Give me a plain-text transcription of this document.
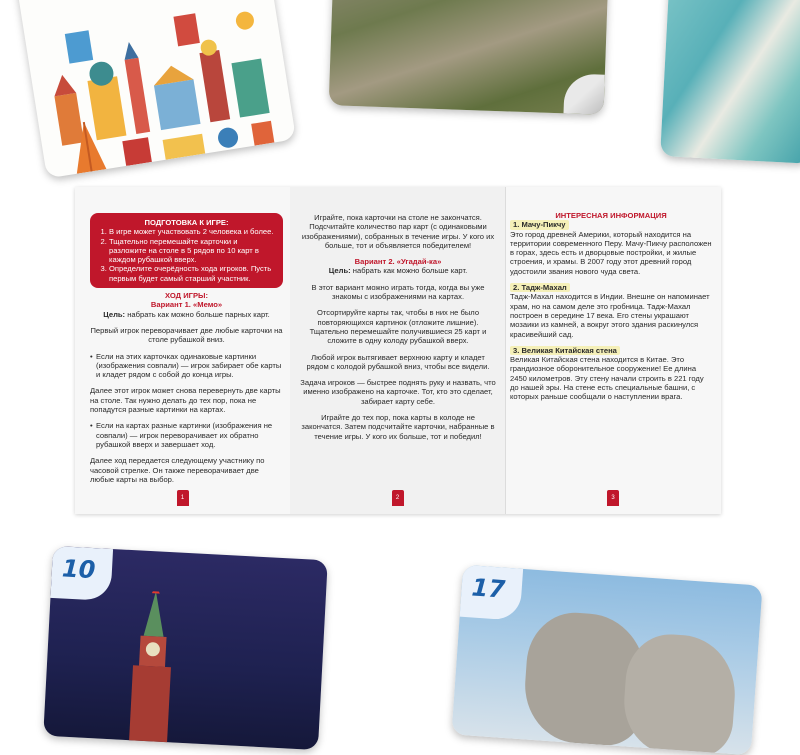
10
17
ПОДГОТОВКА К ИГРЕ:
1. В игре может участвовать 2 человека и более.
2. Тщательно перемешайте карточки и разложите на столе в 5 рядов по 10 карт в каждом рубашкой вверх.
3. Определите очерёдность хода игроков. Пусть первым будет самый старший участник.
ХОД ИГРЫ:
Вариант 1. «Мемо»
Цель: набрать как можно больше парных карт.
Первый игрок переворачивает две любые карточки на столе рубашкой вниз.
• Если на этих карточках одинаковые картинки (изображения совпали) — игрок забирает обе карты и кладет рядом с собой до конца игры.
Далее этот игрок может снова перевернуть две карты на столе. Так нужно делать до тех пор, пока не попадутся разные картинки на картах.
• Если на картах разные картинки (изображения не совпали) — игрок переворачивает их обратно рубашкой вверх и завершает ход.
Далее ход передается следующему участнику по часовой стрелке. Он также переворачивает две любые карты на выбор.
1
Играйте, пока карточки на столе не закончатся. Подсчитайте количество пар карт (с одинаковыми изображениями), собранных в течение игры. У кого их больше, тот и объявляется победителем!
Вариант 2. «Угадай-ка»
Цель: набрать как можно больше карт.
В этот вариант можно играть тогда, когда вы уже знакомы с изображениями на картах.
Отсортируйте карты так, чтобы в них не было повторяющихся картинок (отложите лишние). Тщательно перемешайте получившиеся 25 карт и сложите в одну колоду рубашкой вверх.
Любой игрок вытягивает верхнюю карту и кладет рядом с колодой рубашкой вниз, чтобы все видели.
Задача игроков — быстрее поднять руку и назвать, что именно изображено на карточке. Тот, кто это сделает, забирает карту себе.
Играйте до тех пор, пока карты в колоде не закончатся. Затем подсчитайте карточки, набранные в течение игры. У кого их больше, тот и победил!
2
ИНТЕРЕСНАЯ ИНФОРМАЦИЯ
1. Мачу-Пикчу
Это город древней Америки, который находится на территории современного Перу. Мачу-Пикчу расположен в горах, здесь есть и дворцовые постройки, и жилые строения, и храмы. В 2007 году этот древний город удостоили звания нового чуда света.
2. Тадж-Махал
Тадж-Махал находится в Индии. Внешне он напоминает храм, но на самом деле это гробница. Тадж-Махал построен в середине 17 века. Его стены украшают мозаики из камней, а вокруг этого здания раскинулся красивейший сад.
3. Великая Китайская стена
Великая Китайская стена находится в Китае. Это грандиозное оборонительное сооружение! Ее длина 2450 километров. Эту стену начали строить в 221 году до нашей эры. На стене есть специальные башни, с которых раньше сообщали о наступлении врага.
3
